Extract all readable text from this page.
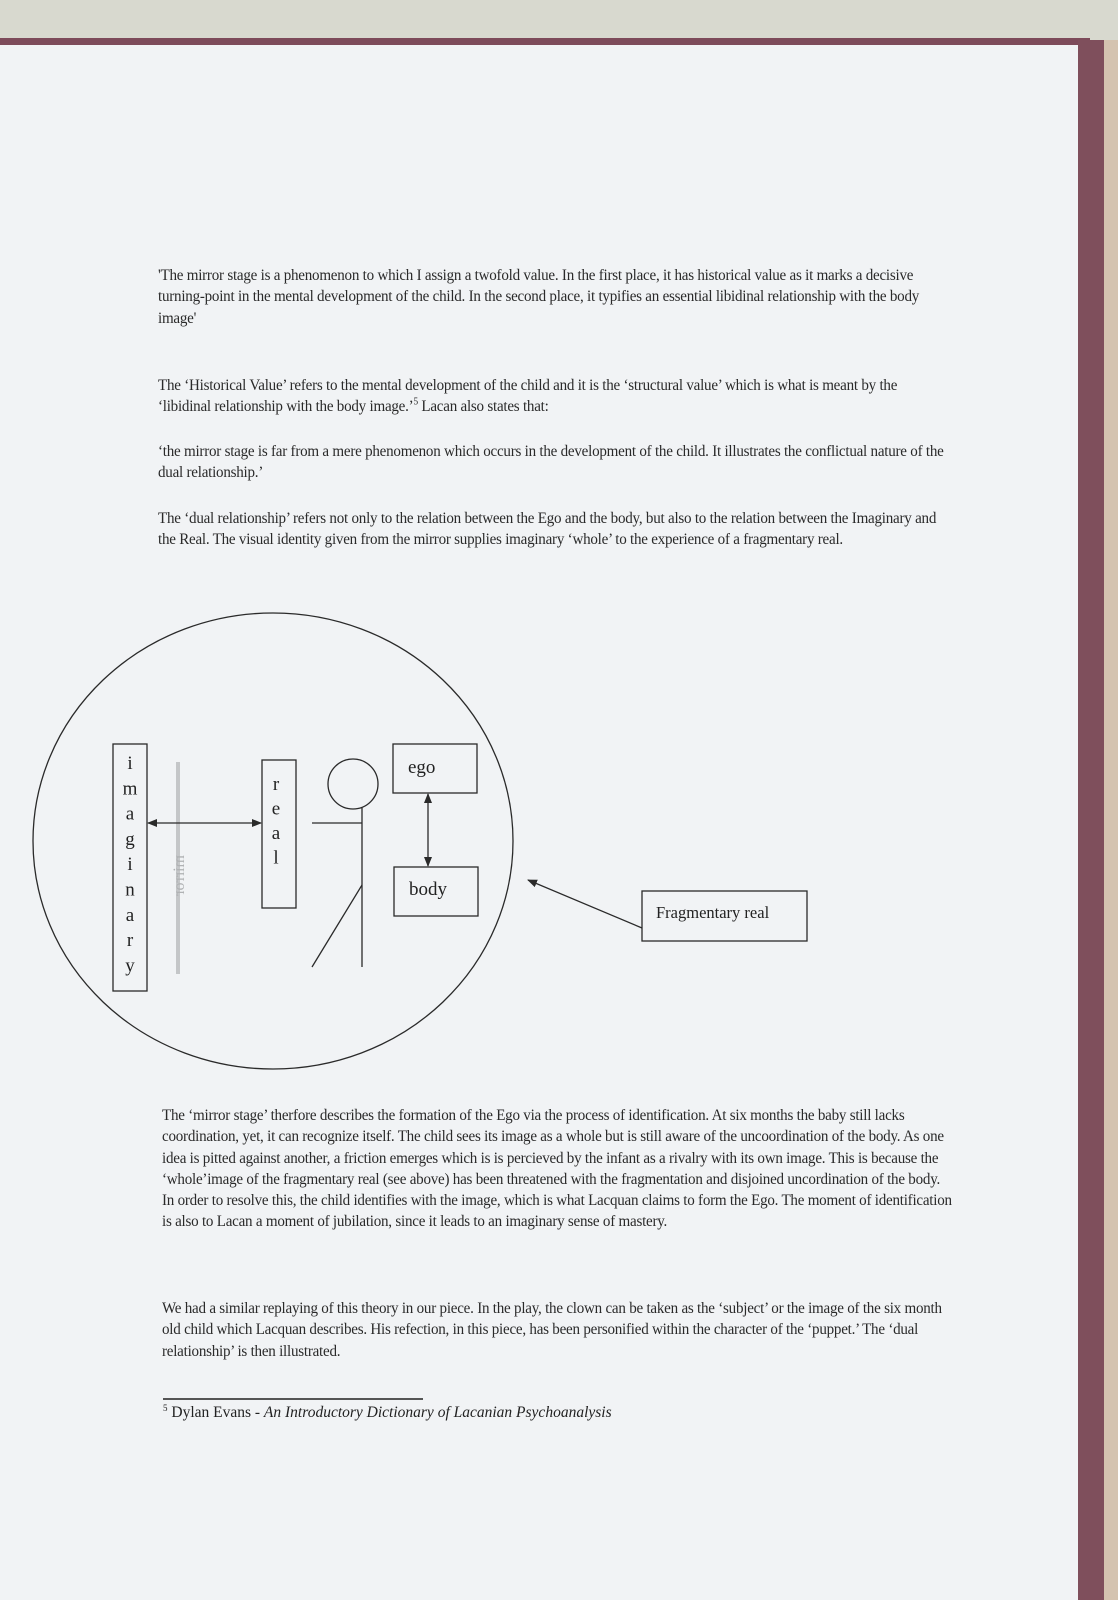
'The mirror stage is a phenomenon to which I assign a twofold value. In the first place, it has historical value as it marks a decisive turning-point in the mental development of the child. In the second place, it typifies an essential libidinal relationship with the body image'
The ‘Historical Value’ refers to the mental development of the child and it is the ‘structural value’ which is what is meant by the ‘libidinal relationship with the body image.’$^5$ Lacan also states that:
‘the mirror stage is far from a mere phenomenon which occurs in the development of the child. It illustrates the conflictual nature of the dual relationship.’
The ‘dual relationship’ refers not only to the relation between the Ego and the body, but also to the relation between the Imaginary and the Real. The visual identity given from the mirror supplies imaginary ‘whole’ to the experience of a fragmentary real.
i
m
a
g
i
n
a
r
y
mirror
r
e
a
l
ego
body
Fragmentary real
The ‘mirror stage’ therfore describes the formation of the Ego via the process of identification. At six months the baby still lacks coordination, yet, it can recognize itself. The child sees its image as a whole but is still aware of the uncoordination of the body. As one idea is pitted against another, a friction emerges which is is percieved by the infant as a rivalry with its own image. This is because the ‘whole’image of the fragmentary real (see above) has been threatened with the fragmentation and disjoined uncordination of the body. In order to resolve this, the child identifies with the image, which is what Lacquan claims to form the Ego. The moment of identification is also to Lacan a moment of jubilation, since it leads to an imaginary sense of mastery.
We had a similar replaying of this theory in our piece. In the play, the clown can be taken as the ‘subject’ or the image of the six month old child which Lacquan describes. His refection, in this piece, has been personified within the character of the ‘puppet.’ The ‘dual relationship’ is then illustrated.
$^5$ Dylan Evans - An Introductory Dictionary of Lacanian Psychoanalysis
